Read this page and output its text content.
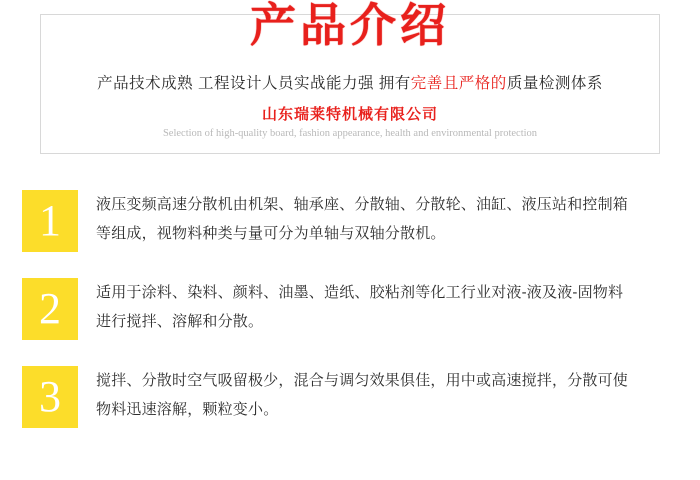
产品介绍
产品技术成熟 工程设计人员实战能力强 拥有完善且严格的质量检测体系
山东瑞莱特机械有限公司
Selection of high-quality board, fashion appearance, health and environmental protection
1	液压变频高速分散机由机架、轴承座、分散轴、分散轮、油缸、液压站和控制箱
等组成，视物料种类与量可分为单轴与双轴分散机。
2	适用于涂料、染料、颜料、油墨、造纸、胶粘剂等化工行业对液-液及液-固物料
进行搅拌、溶解和分散。
3	搅拌、分散时空气吸留极少，混合与调匀效果俱佳，用中或高速搅拌，分散可使
物料迅速溶解，颗粒变小。
